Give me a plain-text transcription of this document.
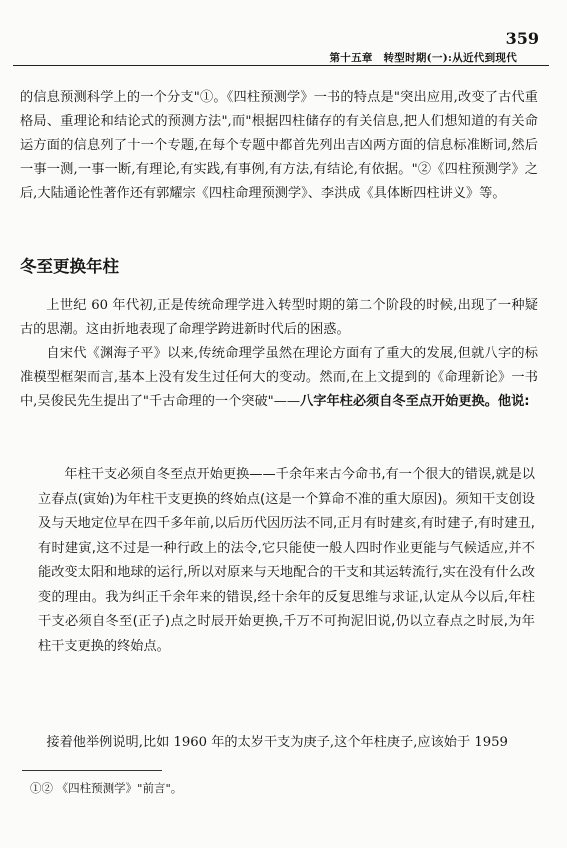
359
第十五章　转型时期(一):从近代到现代

的信息预测科学上的一个分支"①。《四柱预测学》一书的特点是"突出应用,改变了古代重格局、重理论和结论式的预测方法",而"根据四柱储存的有关信息,把人们想知道的有关命运方面的信息列了十一个专题,在每个专题中都首先列出吉凶两方面的信息标准断词,然后一事一测,一事一断,有理论,有实践,有事例,有方法,有结论,有依据。"②《四柱预测学》之后,大陆通论性著作还有郭耀宗《四柱命理预测学》、李洪成《具体断四柱讲义》等。

冬至更换年柱

上世纪 60 年代初,正是传统命理学进入转型时期的第二个阶段的时候,出现了一种疑古的思潮。这由折地表现了命理学跨进新时代后的困惑。

自宋代《渊海子平》以来,传统命理学虽然在理论方面有了重大的发展,但就八字的标准模型框架而言,基本上没有发生过任何大的变动。然而,在上文提到的《命理新论》一书中,吴俊民先生提出了"千古命理的一个突破"——八字年柱必须自冬至点开始更换。他说:

年柱干支必须自冬至点开始更换——千余年来古今命书,有一个很大的错误,就是以立春点(寅始)为年柱干支更换的终始点(这是一个算命不准的重大原因)。须知干支创设及与天地定位早在四千多年前,以后历代因历法不同,正月有时建亥,有时建子,有时建丑,有时建寅,这不过是一种行政上的法令,它只能使一般人四时作业更能与气候适应,并不能改变太阳和地球的运行,所以对原来与天地配合的干支和其运转流行,实在没有什么改变的理由。我为纠正千余年来的错误,经十余年的反复思维与求证,认定从今以后,年柱干支必须自冬至(正子)点之时辰开始更换,千万不可拘泥旧说,仍以立春点之时辰,为年柱干支更换的终始点。

接着他举例说明,比如 1960 年的太岁干支为庚子,这个年柱庚子,应该始于 1959

①② 《四柱预测学》"前言"。
